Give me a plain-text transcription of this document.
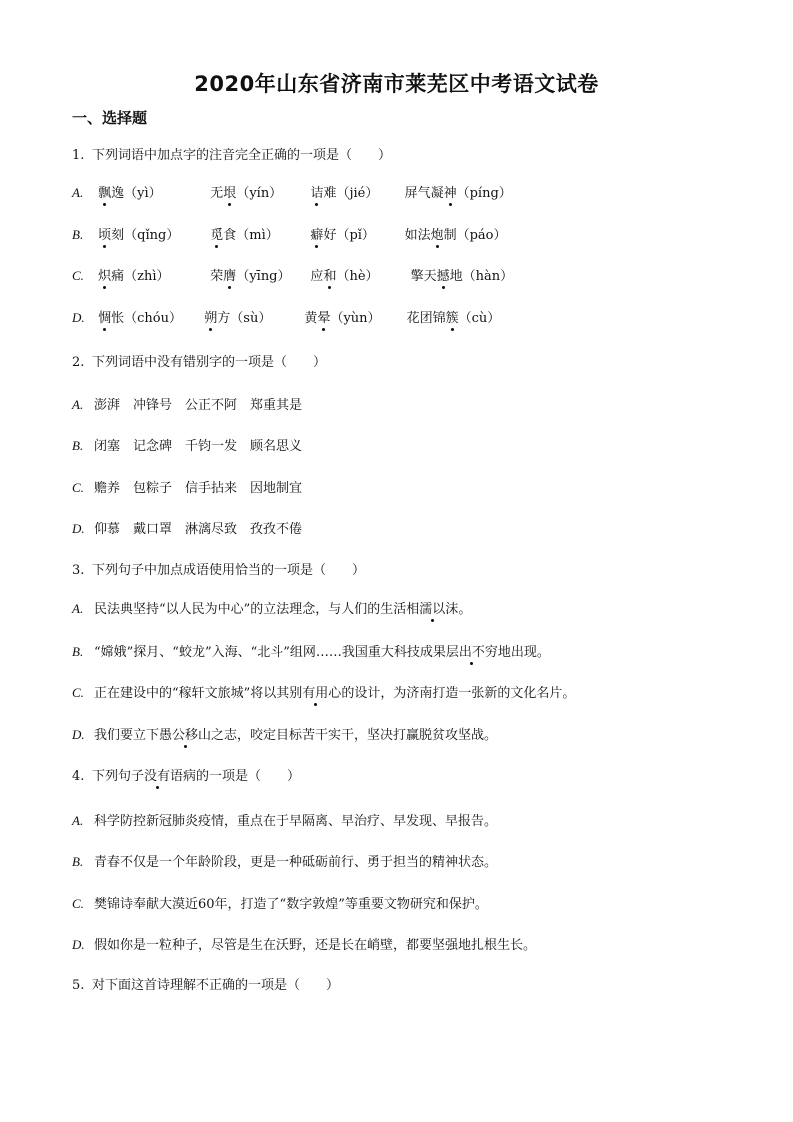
2020年山东省济南市莱芜区中考语文试卷
一、选择题
1. 下列词语中加点字的注音完全正确的一项是（　　）
A. 飘逸（yì）	无垠（yín） 诘难（jié） 屏气凝神（píng）
B. 顷刻（qǐng） 觅食（mì） 癖好（pǐ） 如法炮制（páo）
C. 炽痛（zhì）	荣膺（yīng） 应和（hè） 擎天撼地（hàn）
D. 惆怅（chóu） 朔方（sù）	黄晕（yùn） 花团锦簇（cù）
2. 下列词语中没有错别字的一项是（　　）
A. 澎湃　冲锋号　公正不阿　郑重其是
B. 闭塞　记念碑　千钧一发　顾名思义
C. 赡养　包粽子　信手拈来　因地制宜
D. 仰慕　戴口罩　淋漓尽致　孜孜不倦
3. 下列句子中加点成语使用恰当的一项是（　　）
A. 民法典坚持“以人民为中心”的立法理念，与人们的生活相濡以沫。
B. “嫦娥”探月、“蛟龙”入海、“北斗”组网……我国重大科技成果层出不穷地出现。
C. 正在建设中的“稼轩文旅城”将以其别有用心的设计，为济南打造一张新的文化名片。
D. 我们要立下愚公移山之志，咬定目标苦干实干，坚决打赢脱贫攻坚战。
4. 下列句子没有语病的一项是（　　）
A. 科学防控新冠肺炎疫情，重点在于早隔离、早治疗、早发现、早报告。
B. 青春不仅是一个年龄阶段，更是一种砥砺前行、勇于担当的精神状态。
C. 樊锦诗奉献大漠近60年，打造了“数字敦煌”等重要文物研究和保护。
D. 假如你是一粒种子，尽管是生在沃野，还是长在峭壁，都要坚强地扎根生长。
5. 对下面这首诗理解不正确的一项是（　　）
